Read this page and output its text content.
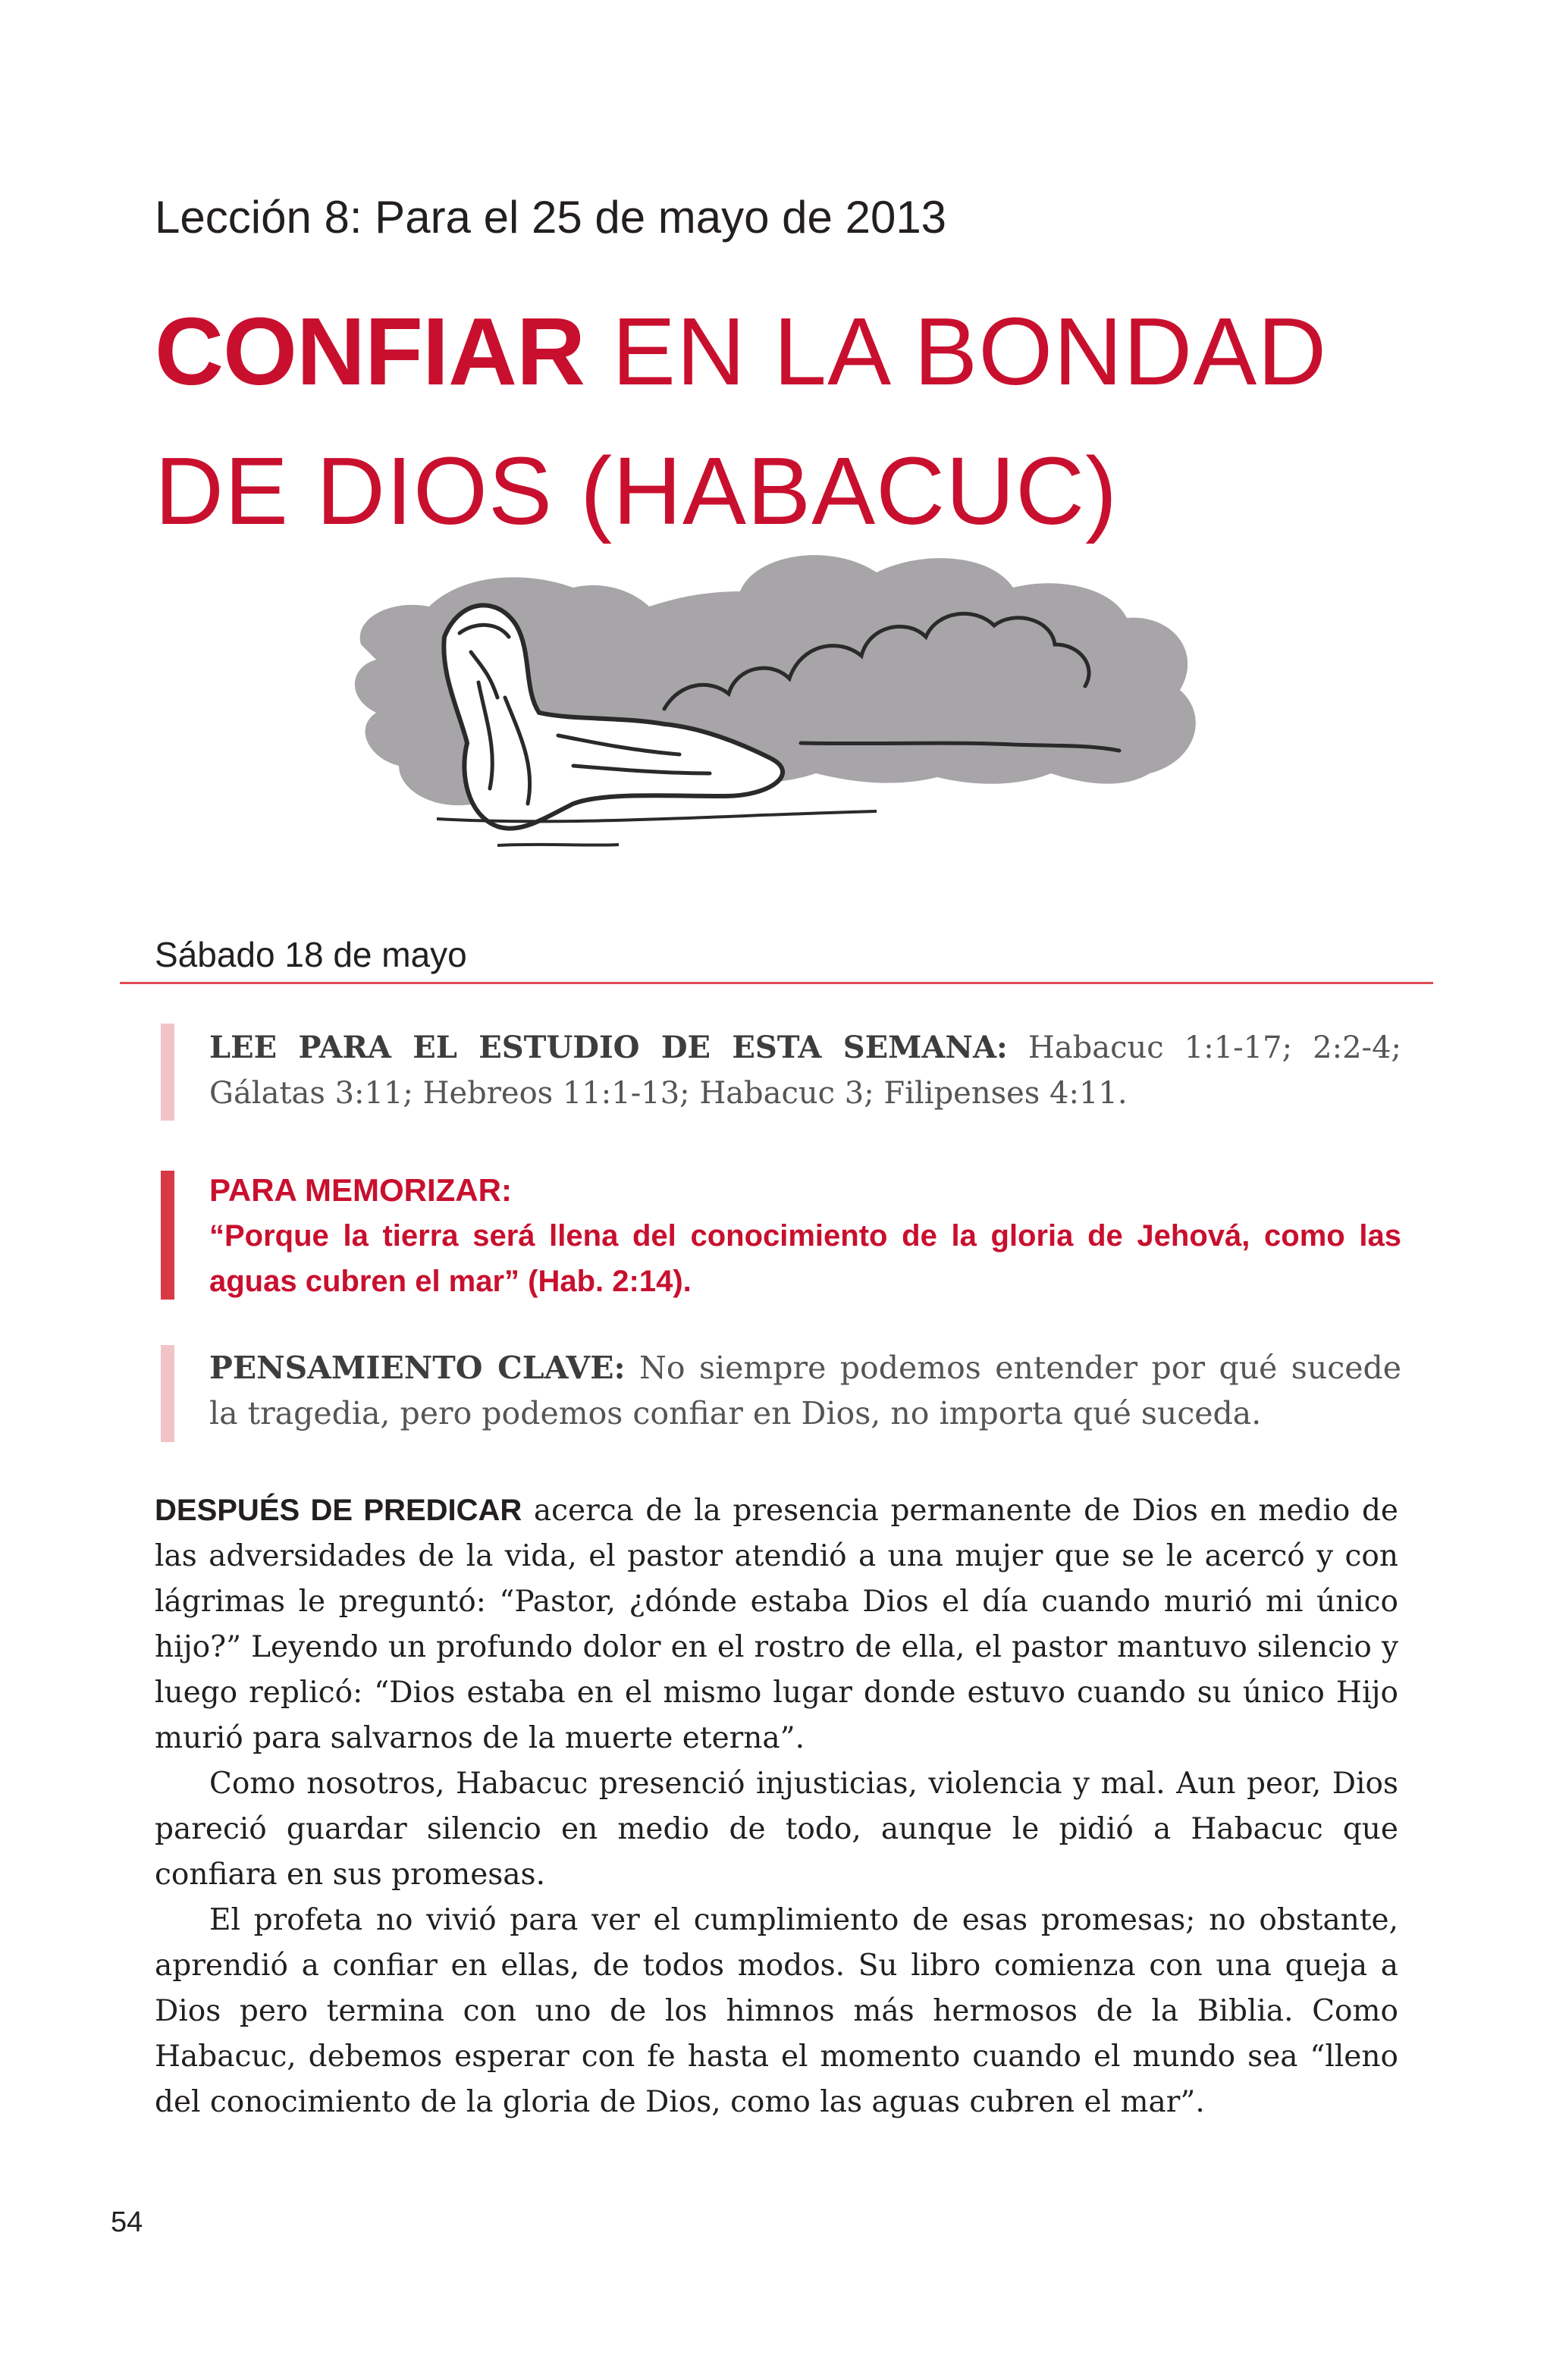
Lección 8: Para el 25 de mayo de 2013
CONFIAR EN LA BONDAD DE DIOS (HABACUC)
Sábado 18 de mayo
LEE PARA EL ESTUDIO DE ESTA SEMANA: Habacuc 1:1-17; 2:2-4; Gálatas 3:11; Hebreos 11:1-13; Habacuc 3; Filipenses 4:11.
PARA MEMORIZAR:
“Porque la tierra será llena del conocimiento de la gloria de Jehová, como las aguas cubren el mar” (Hab. 2:14).
PENSAMIENTO CLAVE: No siempre podemos entender por qué sucede la tragedia, pero podemos confiar en Dios, no importa qué suceda.

DESPUÉS DE PREDICAR acerca de la presencia permanente de Dios en medio de las adversidades de la vida, el pastor atendió a una mujer que se le acercó y con lágrimas le preguntó: “Pastor, ¿dónde estaba Dios el día cuando murió mi único hijo?” Leyendo un profundo dolor en el rostro de ella, el pastor mantuvo silencio y luego replicó: “Dios estaba en el mismo lugar donde estuvo cuando su único Hijo murió para salvarnos de la muerte eterna”.

Como nosotros, Habacuc presenció injusticias, violencia y mal. Aun peor, Dios pareció guardar silencio en medio de todo, aunque le pidió a Habacuc que confiara en sus promesas.

El profeta no vivió para ver el cumplimiento de esas promesas; no obstante, aprendió a confiar en ellas, de todos modos. Su libro comienza con una queja a Dios pero termina con uno de los himnos más hermosos de la Biblia. Como Habacuc, debemos esperar con fe hasta el momento cuando el mundo sea “lleno del conocimiento de la gloria de Dios, como las aguas cubren el mar”.

54
